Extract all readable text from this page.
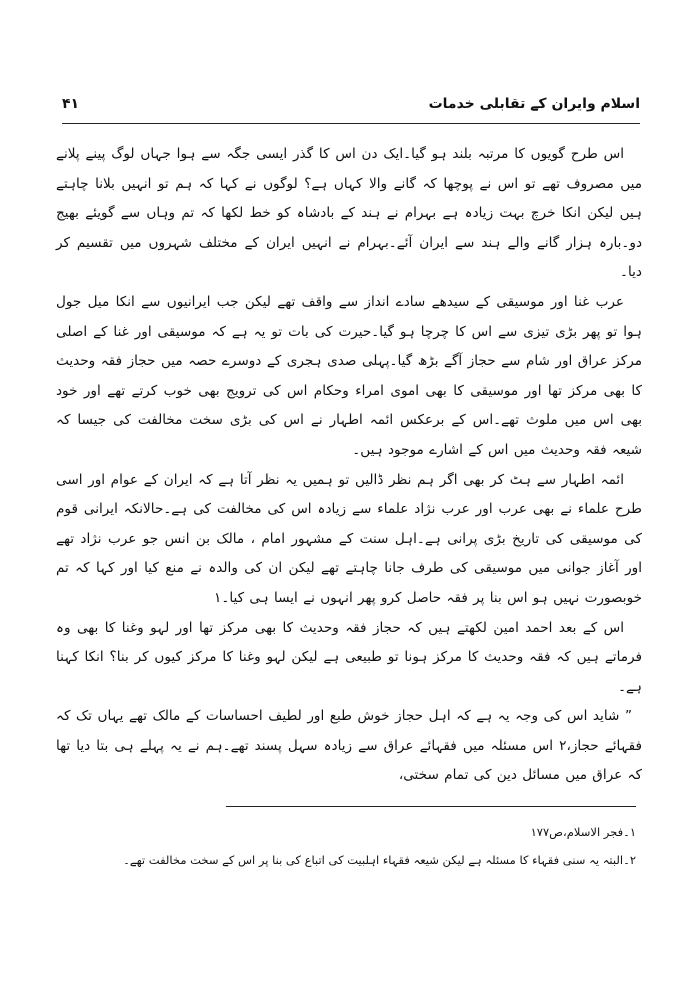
اسلام وایران کے تقابلی خدمات
۴۱

اس طرح گویوں کا مرتبہ بلند ہو گیا۔ایک دن اس کا گذر ایسی جگہ سے ہوا جہاں لوگ پینے پلانے میں مصروف تھے تو اس نے پوچھا کہ گانے والا کہاں ہے؟ لوگوں نے کہا کہ ہم تو انہیں بلانا چاہتے ہیں لیکن انکا خرچ بہت زیادہ ہے بہرام نے ہند کے بادشاہ کو خط لکھا کہ تم وہاں سے گویئے بھیج دو۔بارہ ہزار گانے والے ہند سے ایران آئے۔بہرام نے انہیں ایران کے مختلف شہروں میں تقسیم کر دیا۔

عرب غنا اور موسیقی کے سیدھے سادے انداز سے واقف تھے لیکن جب ایرانیوں سے انکا میل جول ہوا تو پھر بڑی تیزی سے اس کا چرچا ہو گیا۔حیرت کی بات تو یہ ہے کہ موسیقی اور غنا کے اصلی مرکز عراق اور شام سے حجاز آگے بڑھ گیا۔پہلی صدی ہجری کے دوسرے حصہ میں حجاز فقہ وحدیث کا بھی مرکز تھا اور موسیقی کا بھی اموی امراء وحکام اس کی ترویج بھی خوب کرتے تھے اور خود بھی اس میں ملوث تھے۔اس کے برعکس ائمہ اطہار نے اس کی بڑی سخت مخالفت کی جیسا کہ شیعہ فقہ وحدیث میں اس کے اشارے موجود ہیں۔

ائمہ اطہار سے ہٹ کر بھی اگر ہم نظر ڈالیں تو ہمیں یہ نظر آتا ہے کہ ایران کے عوام اور اسی طرح علماء نے بھی عرب اور عرب نژاد علماء سے زیادہ اس کی مخالفت کی ہے۔حالانکہ ایرانی قوم کی موسیقی کی تاریخ بڑی پرانی ہے۔اہل سنت کے مشہور امام ، مالک بن انس جو عرب نژاد تھے اور آغاز جوانی میں موسیقی کی طرف جانا چاہتے تھے لیکن ان کی والدہ نے منع کیا اور کہا کہ تم خوبصورت نہیں ہو اس بنا پر فقہ حاصل کرو پھر انہوں نے ایسا ہی کیا۔۱

اس کے بعد احمد امین لکھتے ہیں کہ حجاز فقہ وحدیث کا بھی مرکز تھا اور لہو وغنا کا بھی وہ فرماتے ہیں کہ فقہ وحدیث کا مرکز ہونا تو طبیعی ہے لیکن لہو وغنا کا مرکز کیوں کر بنا؟ انکا کہنا ہے۔

” شاید اس کی وجہ یہ ہے کہ اہل حجاز خوش طبع اور لطیف احساسات کے مالک تھے یہاں تک کہ فقہائے حجاز،۲ اس مسئلہ میں فقہائے عراق سے زیادہ سہل پسند تھے۔ہم نے یہ پہلے ہی بتا دیا تھا کہ عراق میں مسائل دین کی تمام سختی،

۱۔فجر الاسلام،ص۱۷۷

۲۔البتہ یہ سنی فقہاء کا مسئلہ ہے لیکن شیعہ فقہاء اہلبیت کی اتباع کی بنا پر اس کے سخت مخالفت تھے۔
